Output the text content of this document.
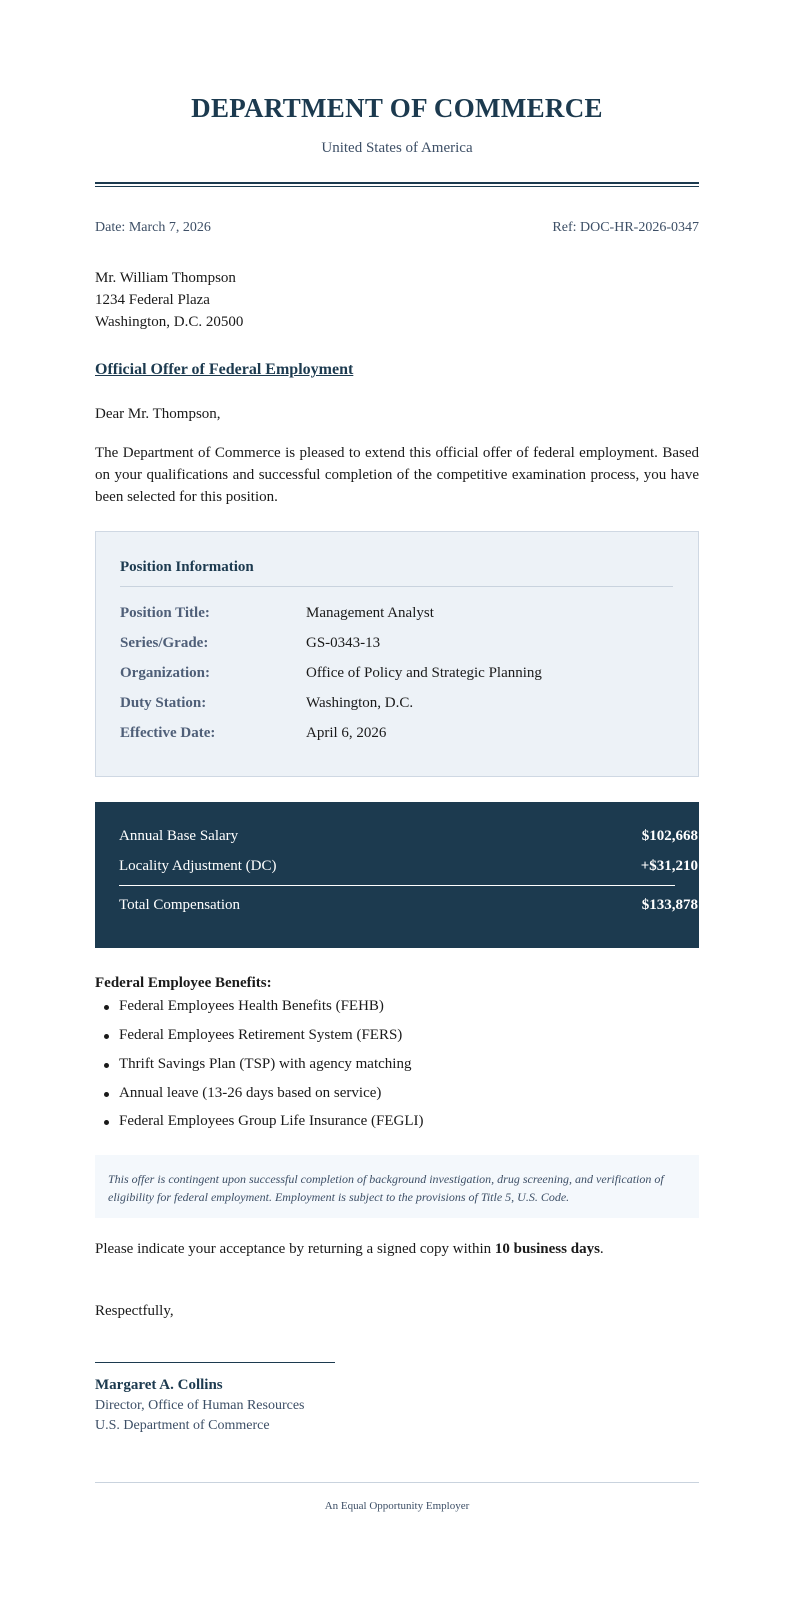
DEPARTMENT OF COMMERCE
United States of America
Date: March 7, 2026	Ref: DOC-HR-2026-0347
Mr. William Thompson
1234 Federal Plaza
Washington, D.C. 20500
Official Offer of Federal Employment
Dear Mr. Thompson,
The Department of Commerce is pleased to extend this official offer of federal employment. Based on your qualifications and successful completion of the competitive examination process, you have been selected for this position.
Position Information
Position Title:	Management Analyst
Series/Grade:	GS-0343-13
Organization:	Office of Policy and Strategic Planning
Duty Station:	Washington, D.C.
Effective Date:	April 6, 2026
Annual Base Salary	$102,668
Locality Adjustment (DC)	+$31,210
Total Compensation	$133,878
Federal Employee Benefits:
Federal Employees Health Benefits (FEHB)
Federal Employees Retirement System (FERS)
Thrift Savings Plan (TSP) with agency matching
Annual leave (13-26 days based on service)
Federal Employees Group Life Insurance (FEGLI)
This offer is contingent upon successful completion of background investigation, drug screening, and verification of eligibility for federal employment. Employment is subject to the provisions of Title 5, U.S. Code.
Please indicate your acceptance by returning a signed copy within 10 business days.
Respectfully,
Margaret A. Collins
Director, Office of Human Resources
U.S. Department of Commerce
An Equal Opportunity Employer
